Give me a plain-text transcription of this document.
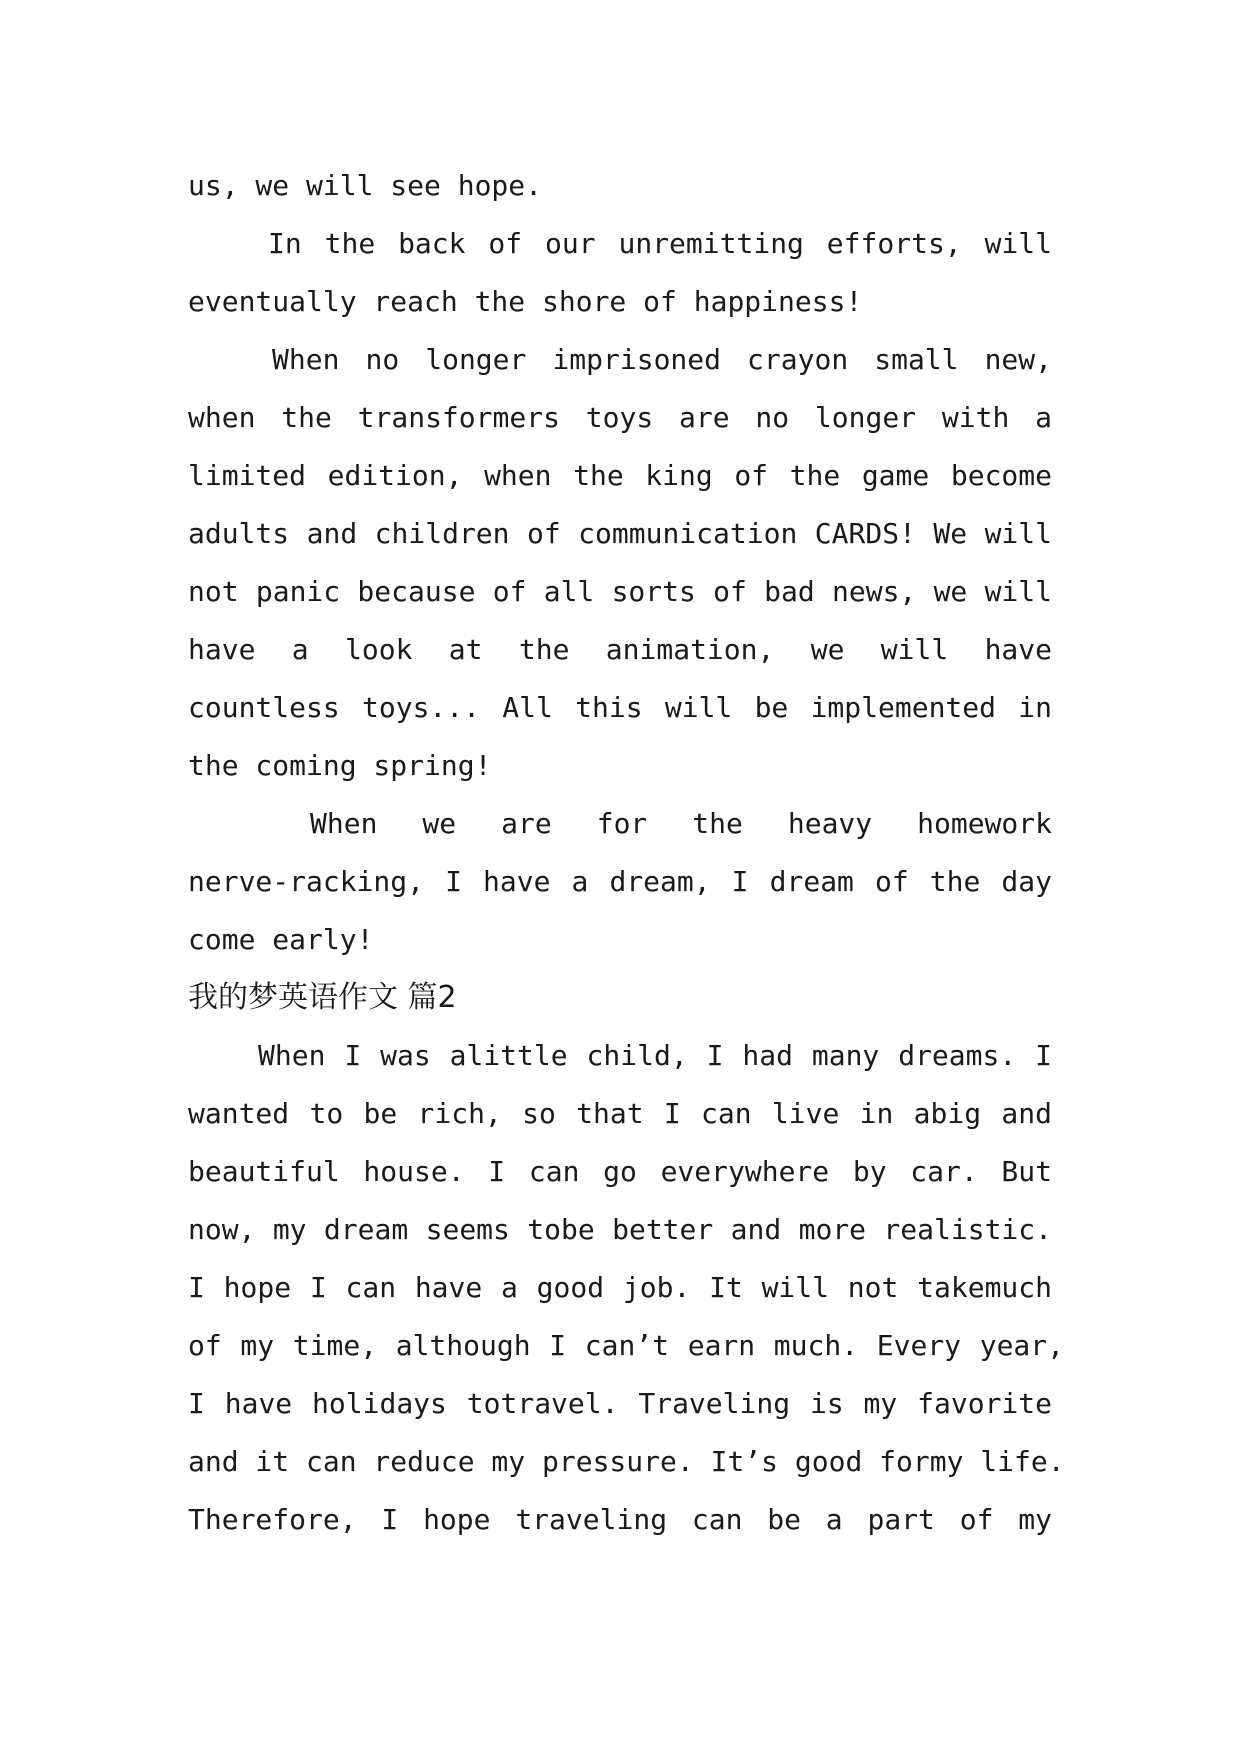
us, we will see hope.
In the back of our unremitting efforts, will
eventually reach the shore of happiness!
When no longer imprisoned crayon small new,
when the transformers toys are no longer with a
limited edition, when the king of the game become
adults and children of communication CARDS! We will
not panic because of all sorts of bad news, we will
have a look at the animation, we will have
countless toys... All this will be implemented in
the coming spring!
When we are for the heavy homework
nerve-racking, I have a dream, I dream of the day
come early!
我的梦英语作文 篇2
When I was alittle child, I had many dreams. I
wanted to be rich, so that I can live in abig and
beautiful house. I can go everywhere by car. But
now, my dream seems tobe better and more realistic.
I hope I can have a good job. It will not takemuch
of my time, although I can’t earn much. Every year,
I have holidays totravel. Traveling is my favorite
and it can reduce my pressure. It’s good formy life.
Therefore, I hope traveling can be a part of my
